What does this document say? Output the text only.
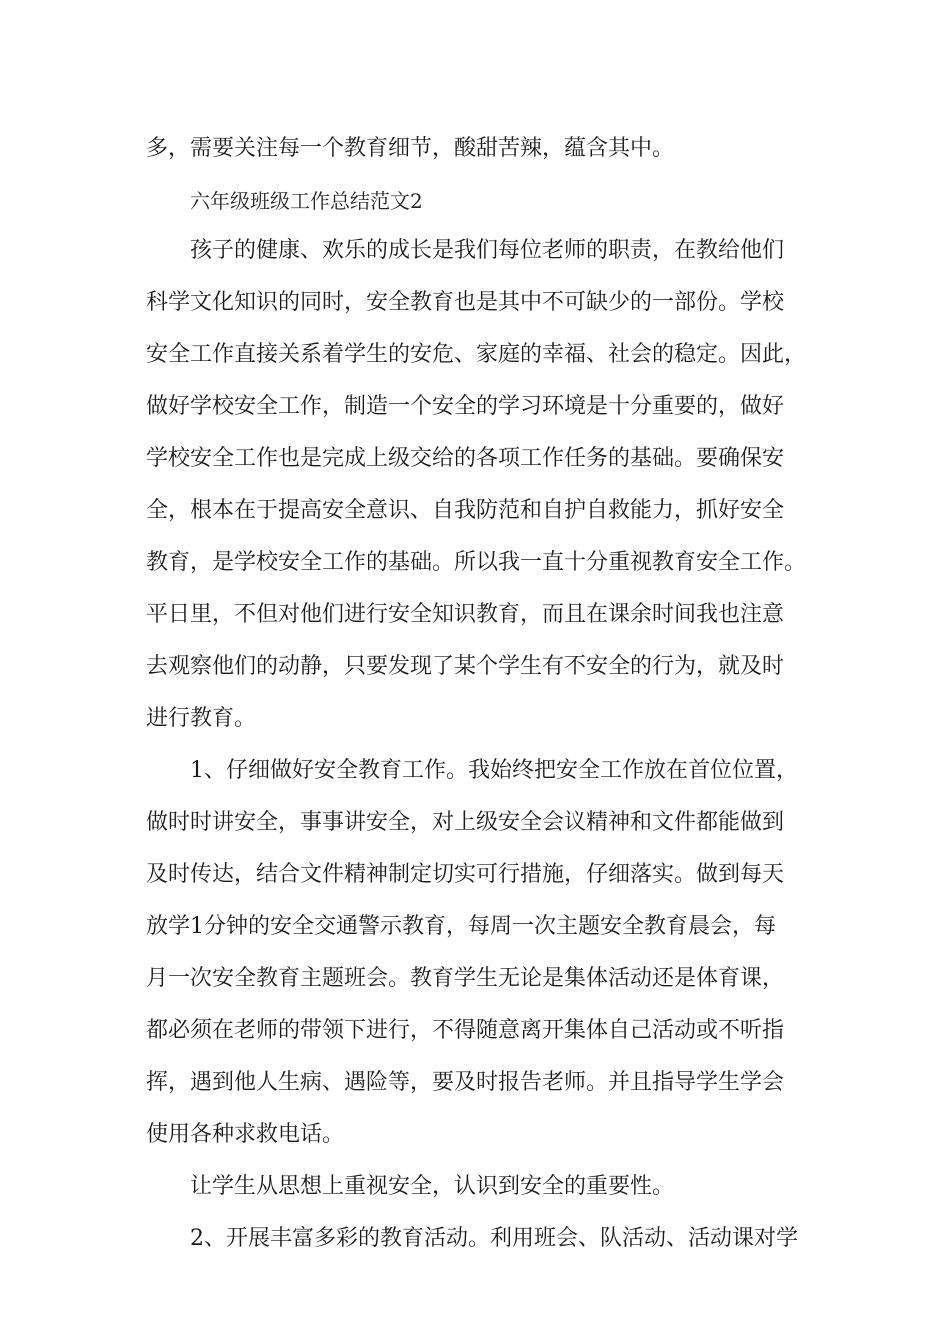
多，需要关注每一个教育细节，酸甜苦辣，蕴含其中。
六年级班级工作总结范文2
孩子的健康、欢乐的成长是我们每位老师的职责，在教给他们
科学文化知识的同时，安全教育也是其中不可缺少的一部份。学校
安全工作直接关系着学生的安危、家庭的幸福、社会的稳定。因此，
做好学校安全工作，制造一个安全的学习环境是十分重要的，做好
学校安全工作也是完成上级交给的各项工作任务的基础。要确保安
全，根本在于提高安全意识、自我防范和自护自救能力，抓好安全
教育，是学校安全工作的基础。所以我一直十分重视教育安全工作。
平日里，不但对他们进行安全知识教育，而且在课余时间我也注意
去观察他们的动静，只要发现了某个学生有不安全的行为，就及时
进行教育。
1、仔细做好安全教育工作。我始终把安全工作放在首位位置，
做时时讲安全，事事讲安全，对上级安全会议精神和文件都能做到
及时传达，结合文件精神制定切实可行措施，仔细落实。做到每天
放学1分钟的安全交通警示教育，每周一次主题安全教育晨会，每
月一次安全教育主题班会。教育学生无论是集体活动还是体育课，
都必须在老师的带领下进行，不得随意离开集体自己活动或不听指
挥，遇到他人生病、遇险等，要及时报告老师。并且指导学生学会
使用各种求救电话。
让学生从思想上重视安全，认识到安全的重要性。
2、开展丰富多彩的教育活动。利用班会、队活动、活动课对学
